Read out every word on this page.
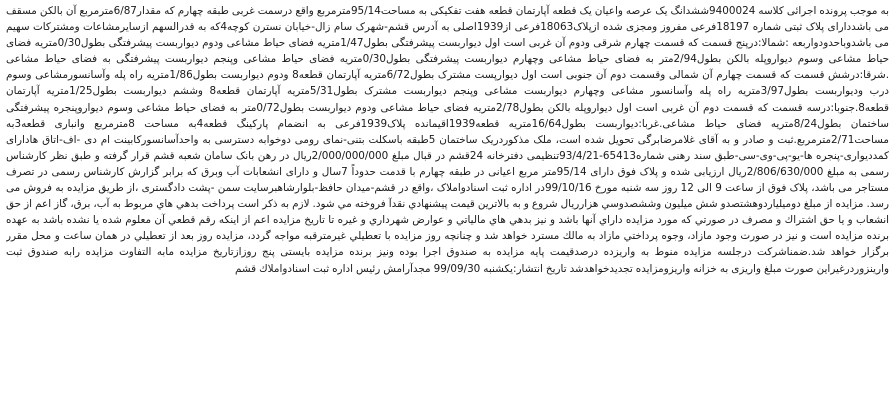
به موجب پرونده اجرائی کلاسه 9400024ششدانگ یک عرصه واعیان یک قطعه آپارتمان قطعه هفت تفکیکی به مساحت95/14مترمربع واقع درسمت غربی طبقه چهارم که مقدار6/87مترمربع آن بالکن مسقف می باشددارای پلاک ثبتی شماره 18197فرعی مفروز ومجزی شده ازپلاک18063فرعی از1939اصلی به آدرس قشم-شهرک سام زال-خیابان نسترن کوچه4که به قدرالسهم ازسایرمشاعات ومشترکات سهیم می باشدوباحدودواربعه :شمالا:درپنج قسمت که قسمت چهارم شرقی ودوم آن غربی است اول دیواربست پیشرفتگی بطول1/47متریه فضای حیاط مشاعی ودوم دیواربست پیشرفتگی بطول0/30متریه فضای حیاط مشاعی وسوم دیواروپله بالکن بطول2/94متر به فضای حیاط مشاعی وچهارم دیواربست پیشرفتگی بطول0/30متریه فضای حیاط مشاعی وپنجم دیواربست پیشرفتگی به فضای حیاط مشاعی .شرقا:درشش قسمت که قسمت چهارم آن شمالی وقسمت دوم آن جنوبی است اول دیوارپست مشترک بطول6/72متریه آپارتمان قطعه8 ودوم دیواربست بطول1/86متریه راه پله وآسانسورمشاعی وسوم درب وديواربست بطول3/97متریه راه پله وآسانسور مشاعی وچهارم دیواربست مشاعی وپنجم دیواربست مشترک بطول5/31متریه آپارتمان قطعه8 وششم دیواربست بطول1/25متریه آپارتمان قطعه8.جنوبا:درسه قسمت که قسمت دوم آن غربی است اول دیواروپله بالکن بطول2/78متریه فضای حیاط مشاعی ودوم دیواربست بطول0/72متر به فضای حیاط مشاعی وسوم دیواروپنجره پیشرفتگی ساختمان بطول8/24متریه فضای حیاط مشاعی.غربا:دیواربست بطول16/64متریه قطعه1939اقیمانده پلاک1939فرعی به انضمام پارکینگ قطعه4به مساحت 8مترمربع وانباری قطعه3به مساحت2/71مترمربع.ثبت و صادر و به آقای غلامرضابرگی تحویل شده است، ملک مذکوردریک ساختمان 5طبقه باسکلت بتنی-نمای رومی دوخوابه دسترسی به واحدآسانسوركابينت ام دی -اف-اتاق هادارای کمددیواری-پنجره ها-یو-پی-وی-سی-طبق سند رهنی شماره65413-93/4/21تنظیمی دفترخانه 24قشم در قبال مبلغ 2/000/000/000ریال در رهن بانک سامان شعبه قشم قرار گرفته و طبق نظر کارشناس رسمی به مبلغ 2/806/630/000ریال ارزیابی شده و پلاک فوق دارای 95/14متر مربع اعیانی در طبقه چهارم با قدمت حدوداً 7سال و دارای انشعابات آب وبرق که برابر گزارش کارشناس رسمی در تصرف مستاجر می باشد، پلاک فوق از ساعت 9 الی 12 روز سه شنبه مورخ 99/10/16در اداره ثبت اسنادواملاک ،واقع در قشم-میدان حافظ-بلوارشاهبرسایت سمن -پشت دادگستری ،از طریق مزایده به فروش می رسد. مزایده از مبلغ دوميلياردوهشتصدو شش ميليون وششصدوسي هزارريال شروع و به بالاترين قيمت پيشنهادي نقدآ فروخته مي شود. لازم به ذكر است پرداخت بدهي هاي مربوط به آب، برق، گاز اعم از حق انشعاب و يا حق اشتراك و مصرف در صورتي كه مورد مزايده داراي آنها باشد و نيز بدهي هاي مالياتي و عوارض شهرداري و غيره تا تاريخ مزايده اعم از اينكه رقم قطعي آن معلوم شده يا نشده باشد به عهده برنده مزايده است و نيز در صورت وجود مازاد، وجوه پرداختي مازاد به مالك مسترد خواهد شد و چنانچه روز مزايده با تعطيلي غيرمترقبه مواجه گردد، مزايده روز بعد از تعطيلي در همان ساعت و محل مقرر برگزار خواهد شد.ضمناشركت درجلسه مزايده منوط به واريزده درصدقیمت پایه مزایده به صندوق اجرا بوده ونیز برنده مزایده بایستی پنج روزازتاريخ مزایده مابه التفاوت مزايده رابه صندوق ثبت وارينزوردرغیراین صورت مبلغ واریزی به خزانه واريزومزايده تجديدخواهدشد تاريخ انتشار:يكشنبه 99/09/30 مجدآرامش رئيس اداره ثبت اسنادواملاك قشم
